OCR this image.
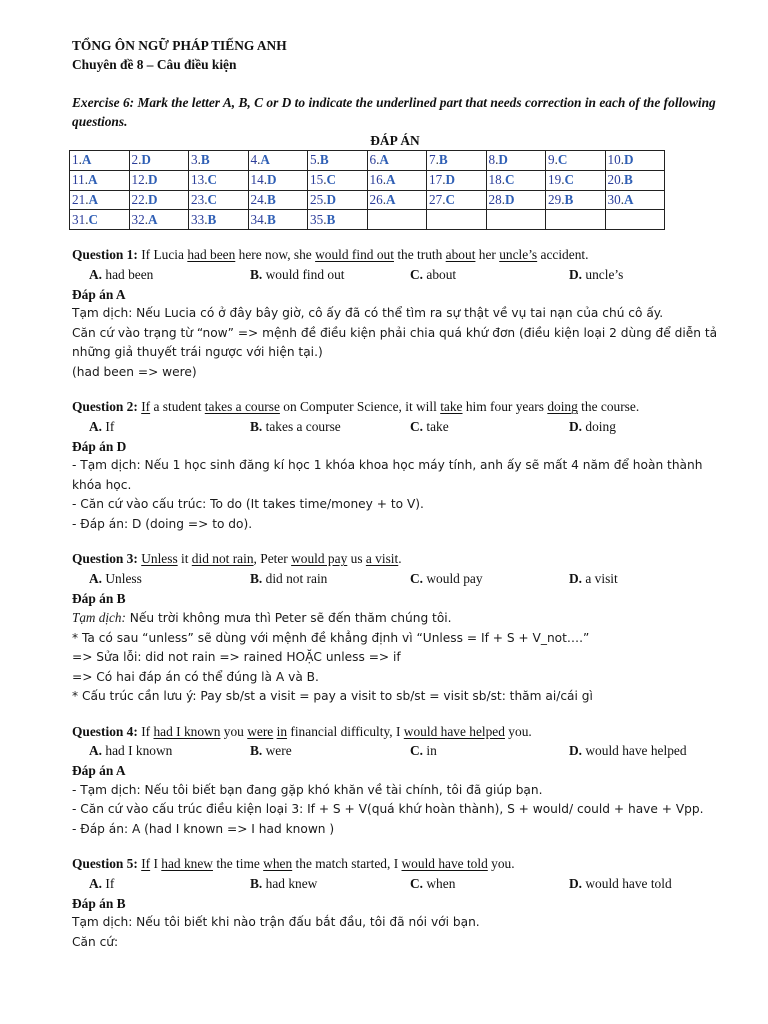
TỔNG ÔN NGỮ PHÁP TIẾNG ANH
Chuyên đề 8 – Câu điều kiện
Exercise 6: Mark the letter A, B, C or D to indicate the underlined part that needs correction in each of the following questions.
ĐÁP ÁN
1.A	2.D	3.B	4.A	5.B	6.A	7.B	8.D	9.C	10.D
11.A	12.D	13.C	14.D	15.C	16.A	17.D	18.C	19.C	20.B
21.A	22.D	23.C	24.B	25.D	26.A	27.C	28.D	29.B	30.A
31.C	32.A	33.B	34.B	35.B					
Question 1: If Lucia had been here now, she would find out the truth about her uncle’s accident.
A. had been	B. would find out	C. about	D. uncle’s
Đáp án A
Tạm dịch: Nếu Lucia có ở đây bây giờ, cô ấy đã có thể tìm ra sự thật về vụ tai nạn của chú cô ấy.
Căn cứ vào trạng từ “now” => mệnh đề điều kiện phải chia quá khứ đơn (điều kiện loại 2 dùng để diễn tả những giả thuyết trái ngược với hiện tại.)
(had been => were)
Question 2: If a student takes a course on Computer Science, it will take him four years doing the course.
A. If	B. takes a course	C. take	D. doing
Đáp án D
- Tạm dịch: Nếu 1 học sinh đăng kí học 1 khóa khoa học máy tính, anh ấy sẽ mất 4 năm để hoàn thành khóa học.
- Căn cứ vào cấu trúc: To do (It takes time/money + to V).
- Đáp án: D (doing => to do).
Question 3: Unless it did not rain, Peter would pay us a visit.
A. Unless	B. did not rain	C. would pay	D. a visit
Đáp án B
Tạm dịch: Nếu trời không mưa thì Peter sẽ đến thăm chúng tôi.
* Ta có sau “unless” sẽ dùng với mệnh đề khẳng định vì “Unless = If + S + V_not….”
=> Sửa lỗi: did not rain => rained HOẶC unless => if
=> Có hai đáp án có thể đúng là A và B.
* Cấu trúc cần lưu ý: Pay sb/st a visit = pay a visit to sb/st = visit sb/st: thăm ai/cái gì
Question 4: If had I known you were in financial difficulty, I would have helped you.
A. had I known	B. were	C. in	D. would have helped
Đáp án A
- Tạm dịch: Nếu tôi biết bạn đang gặp khó khăn về tài chính, tôi đã giúp bạn.
- Căn cứ vào cấu trúc điều kiện loại 3: If + S + V(quá khứ hoàn thành), S + would/ could + have + Vpp.
- Đáp án: A (had I known => I had known )
Question 5: If I had knew the time when the match started, I would have told you.
A. If	B. had knew	C. when	D. would have told
Đáp án B
Tạm dịch: Nếu tôi biết khi nào trận đấu bắt đầu, tôi đã nói với bạn.
Căn cứ:
